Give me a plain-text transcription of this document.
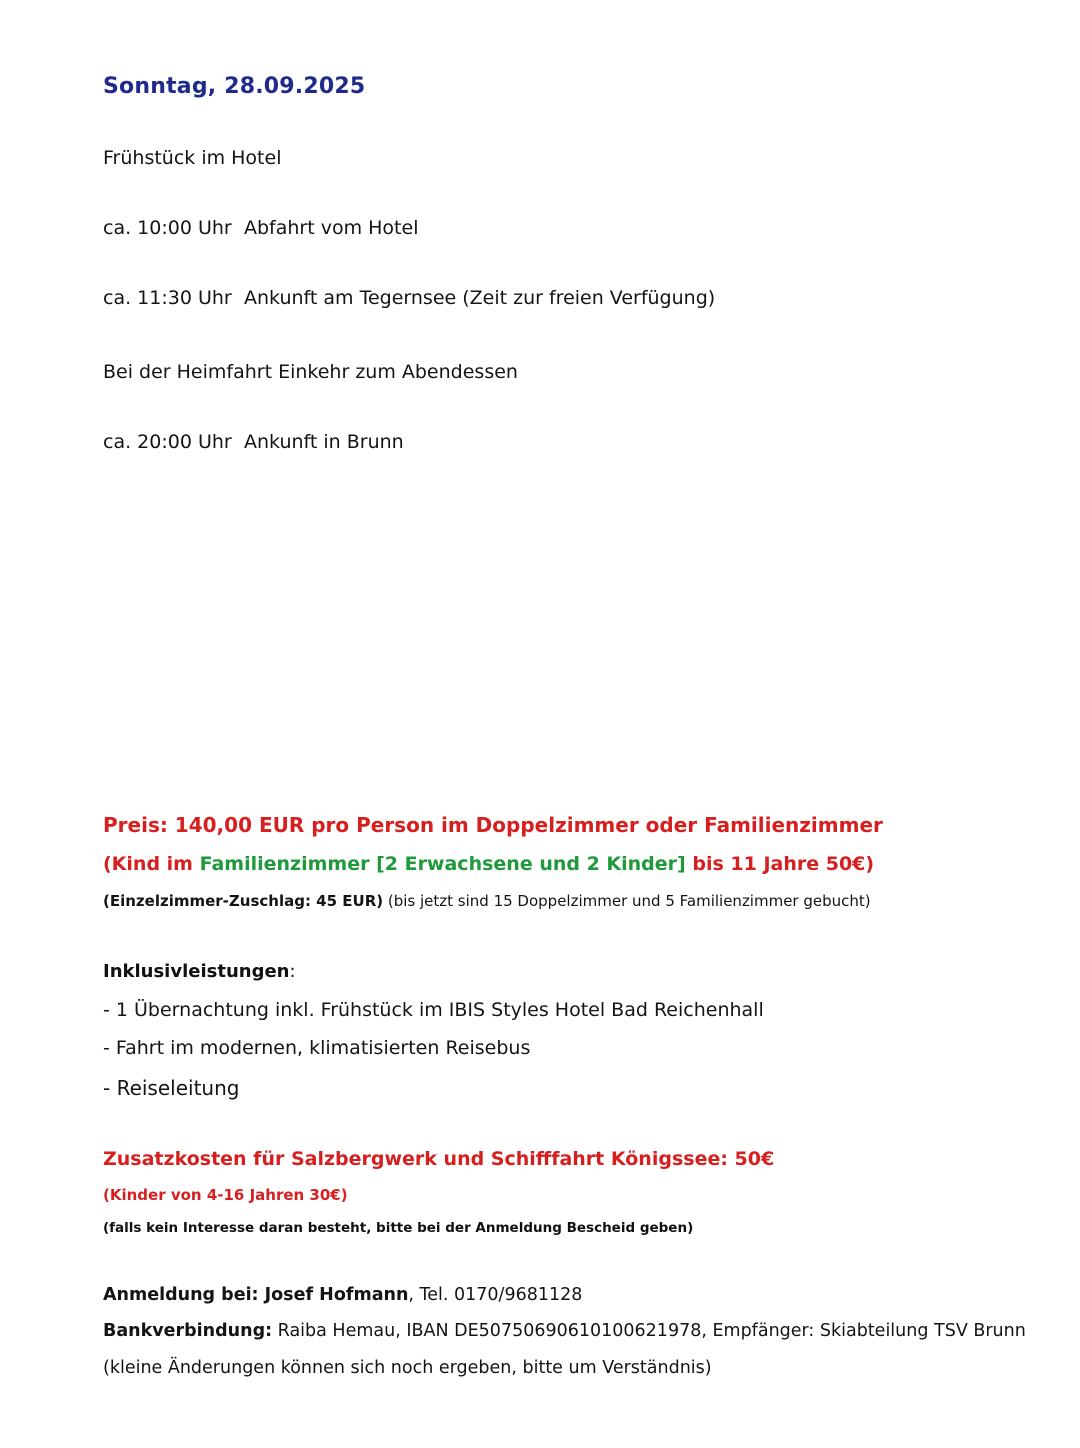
Sonntag, 28.09.2025
Frühstück im Hotel
ca. 10:00 Uhr Abfahrt vom Hotel
ca. 11:30 Uhr Ankunft am Tegernsee (Zeit zur freien Verfügung)
Bei der Heimfahrt Einkehr zum Abendessen
ca. 20:00 Uhr Ankunft in Brunn
Preis: 140,00 EUR pro Person im Doppelzimmer oder Familienzimmer
(Kind im Familienzimmer [2 Erwachsene und 2 Kinder] bis 11 Jahre 50€)
(Einzelzimmer-Zuschlag: 45 EUR) (bis jetzt sind 15 Doppelzimmer und 5 Familienzimmer gebucht)
Inklusivleistungen:
- 1 Übernachtung inkl. Frühstück im IBIS Styles Hotel Bad Reichenhall
- Fahrt im modernen, klimatisierten Reisebus
- Reiseleitung
Zusatzkosten für Salzbergwerk und Schifffahrt Königssee: 50€
(Kinder von 4-16 Jahren 30€)
(falls kein Interesse daran besteht, bitte bei der Anmeldung Bescheid geben)
Anmeldung bei: Josef Hofmann, Tel. 0170/9681128
Bankverbindung: Raiba Hemau, IBAN DE50750690610100621978, Empfänger: Skiabteilung TSV Brunn
(kleine Änderungen können sich noch ergeben, bitte um Verständnis)
